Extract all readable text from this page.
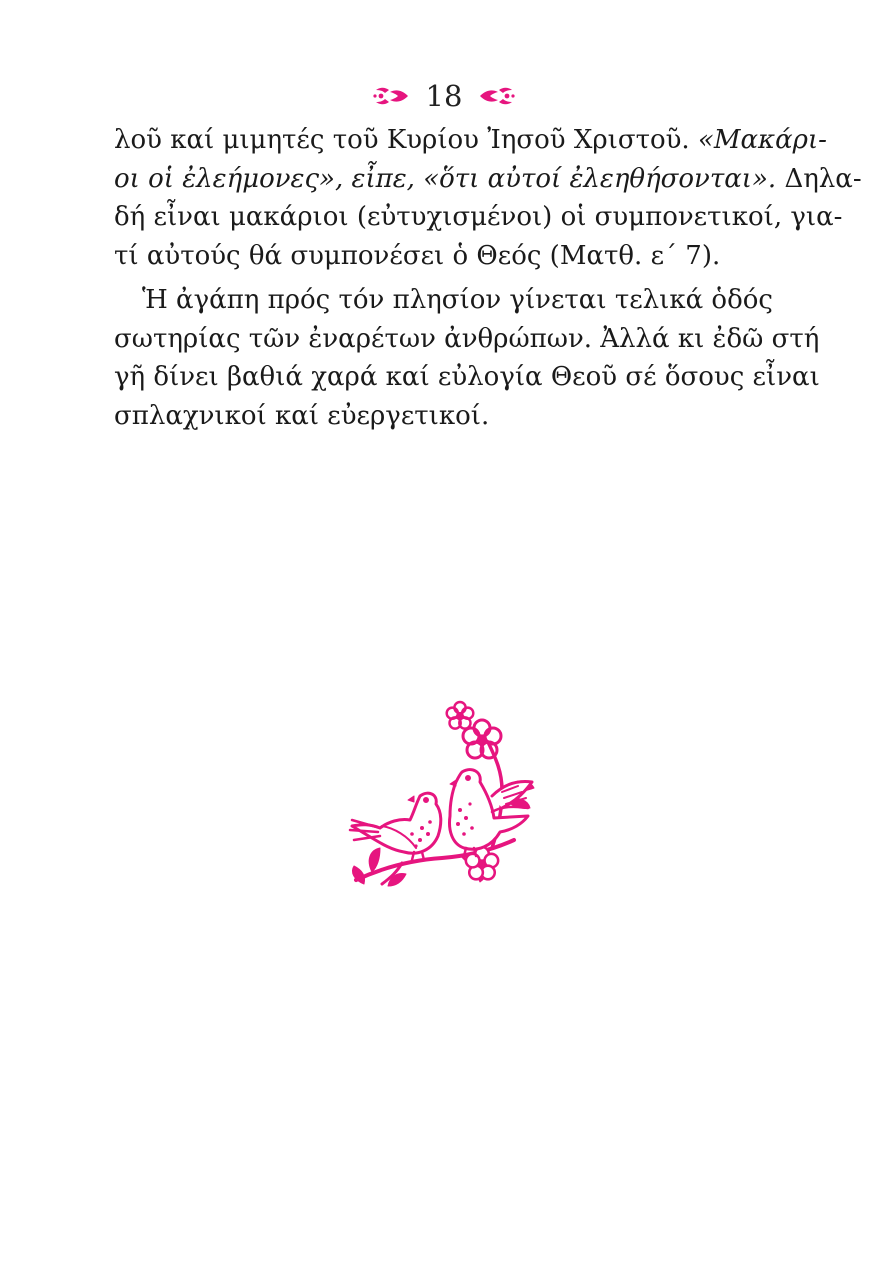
18
λοῦ καί μιμητές τοῦ Κυρίου Ἰησοῦ Χριστοῦ. «Μακάρι-
οι οἱ ἐλεήμονες», εἶπε, «ὅτι αὐτοί ἐλεηθήσονται». Δηλα-
δή εἶναι μακάριοι (εὐτυχισμένοι) οἱ συμπονετικοί, για-
τί αὐτούς θά συμπονέσει ὁ Θεός (Ματθ. ε΄ 7).
Ἡ ἀγάπη πρός τόν πλησίον γίνεται τελικά ὁδός
σωτηρίας τῶν ἐναρέτων ἀνθρώπων. Ἀλλά κι ἐδῶ στή
γῆ δίνει βαθιά χαρά καί εὐλογία Θεοῦ σέ ὅσους εἶναι
σπλαχνικοί καί εὐεργετικοί.
